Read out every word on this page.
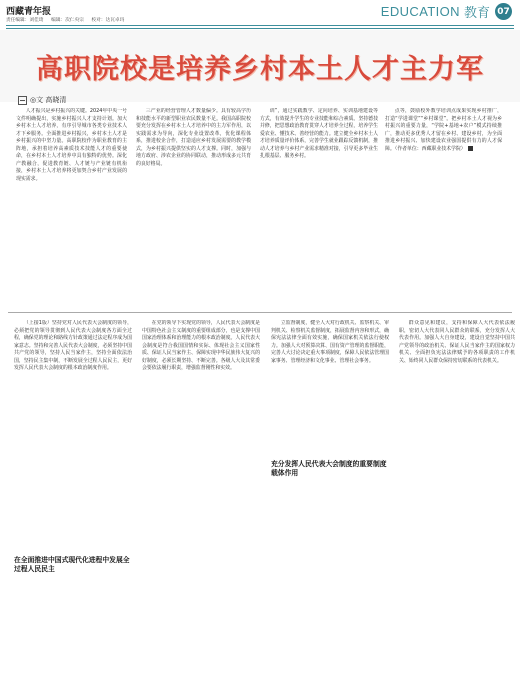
西藏青年报
责任编辑：刘佳琦 编辑：次仁央宗 校对：达瓦卓玛
EDUCATION 教育 07
高职院校是培养乡村本土人才主力军
◎文 高晓清

人才振兴是乡村振兴的关键。2024年中央一号文件明确提出，实施乡村振兴人才支持计划。加大乡村本土人才培养，有序引导城市各类专业技术人才下乡服务。全面推进乡村振兴，乡村本土人才是乡村振兴的中坚力量。高职院校作为职业教育的主阵地，承担着培养高素质技术技能人才的重要使命，在乡村本土人才培养中具有独特的优势。深化产教融合，促进教育链、人才链与产业链有机衔接，乡村本土人才培养将更加契合乡村产业发展的现实需求。

三产业的经营管理人才数量偏少。具有较高学历和技能水平的新型职业农民数量不足。我国高职院校要充分发挥在乡村本土人才培养中的主力军作用，以实践需求为导向，深化专业设置改革，优化课程体系，推进校企合作，打造适应乡村发展需要的教学模式，为乡村振兴提供坚实的人才支撑。同时，加强与地方政府、涉农企业的协同联动，推动形成多元共育的良好格局。

训”，通过实践教学、定向培养、实训基地建设等方式，有效提升学生的专业技能和综合素质。坚持德技并修，把思想政治教育贯穿人才培养全过程，培养学生爱农业、懂技术、善经营的能力。建立健全乡村本土人才培养质量评价体系，完善学生就业跟踪反馈机制，推动人才培养与乡村产业需求精准对接，引导更多毕业生扎根基层、服务乡村。

点等，鼓励校外教学培训点成果实现乡村推广，打造“学进课堂”“乡村课堂”。把乡村本土人才视为乡村振兴的重要力量，“学院+基地+农户”模式持续推广，推动更多优秀人才留在乡村、建设乡村，为全面推进乡村振兴、加快建设农业强国提供有力的人才保障。（作者单位：西藏职业技术学院）

（上接1版）坚持党对人民代表大会制度的领导，必须把党的领导贯彻到人民代表大会制度各方面全过程，确保党的理论和路线方针政策通过法定程序成为国家意志。坚持和完善人民代表大会制度，必须坚持中国共产党的领导，坚持人民当家作主，坚持全面依法治国，坚持民主集中制，不断发展全过程人民民主，更好发挥人民代表大会制度的根本政治制度作用。

在党的领导下实现党的领导，人民代表大会制度是中国特色社会主义制度的重要组成部分，也是支撑中国国家治理体系和治理能力的根本政治制度。人民代表大会制度是符合我国国情和实际、体现社会主义国家性质、保证人民当家作主、保障实现中华民族伟大复兴的好制度，必须长期坚持、不断完善。各级人大及其常委会要依法履行职责，增强监督刚性和实效。

立监督制度，健全人大对行政机关、监察机关、审判机关、检察机关监督制度，拓展监督内容和形式，确保宪法法律全面有效实施，确保国家机关依法行使权力。加强人大对预算决算、国有资产管理的监督职能，完善人大讨论决定重大事项制度，保障人民依法管理国家事务、管理经济和文化事业、管理社会事务。

群众意见和建议，支持和保障人大代表依法履职，密切人大代表同人民群众的联系，充分发挥人大代表作用。加强人大自身建设，建设自觉坚持中国共产党领导的政治机关、保证人民当家作主的国家权力机关、全面担负宪法法律赋予的各项职责的工作机关、始终同人民群众保持密切联系的代表机关。

在全面推进中国式现代化进程中发展全过程人民民主
充分发挥人民代表大会制度的重要制度载体作用
